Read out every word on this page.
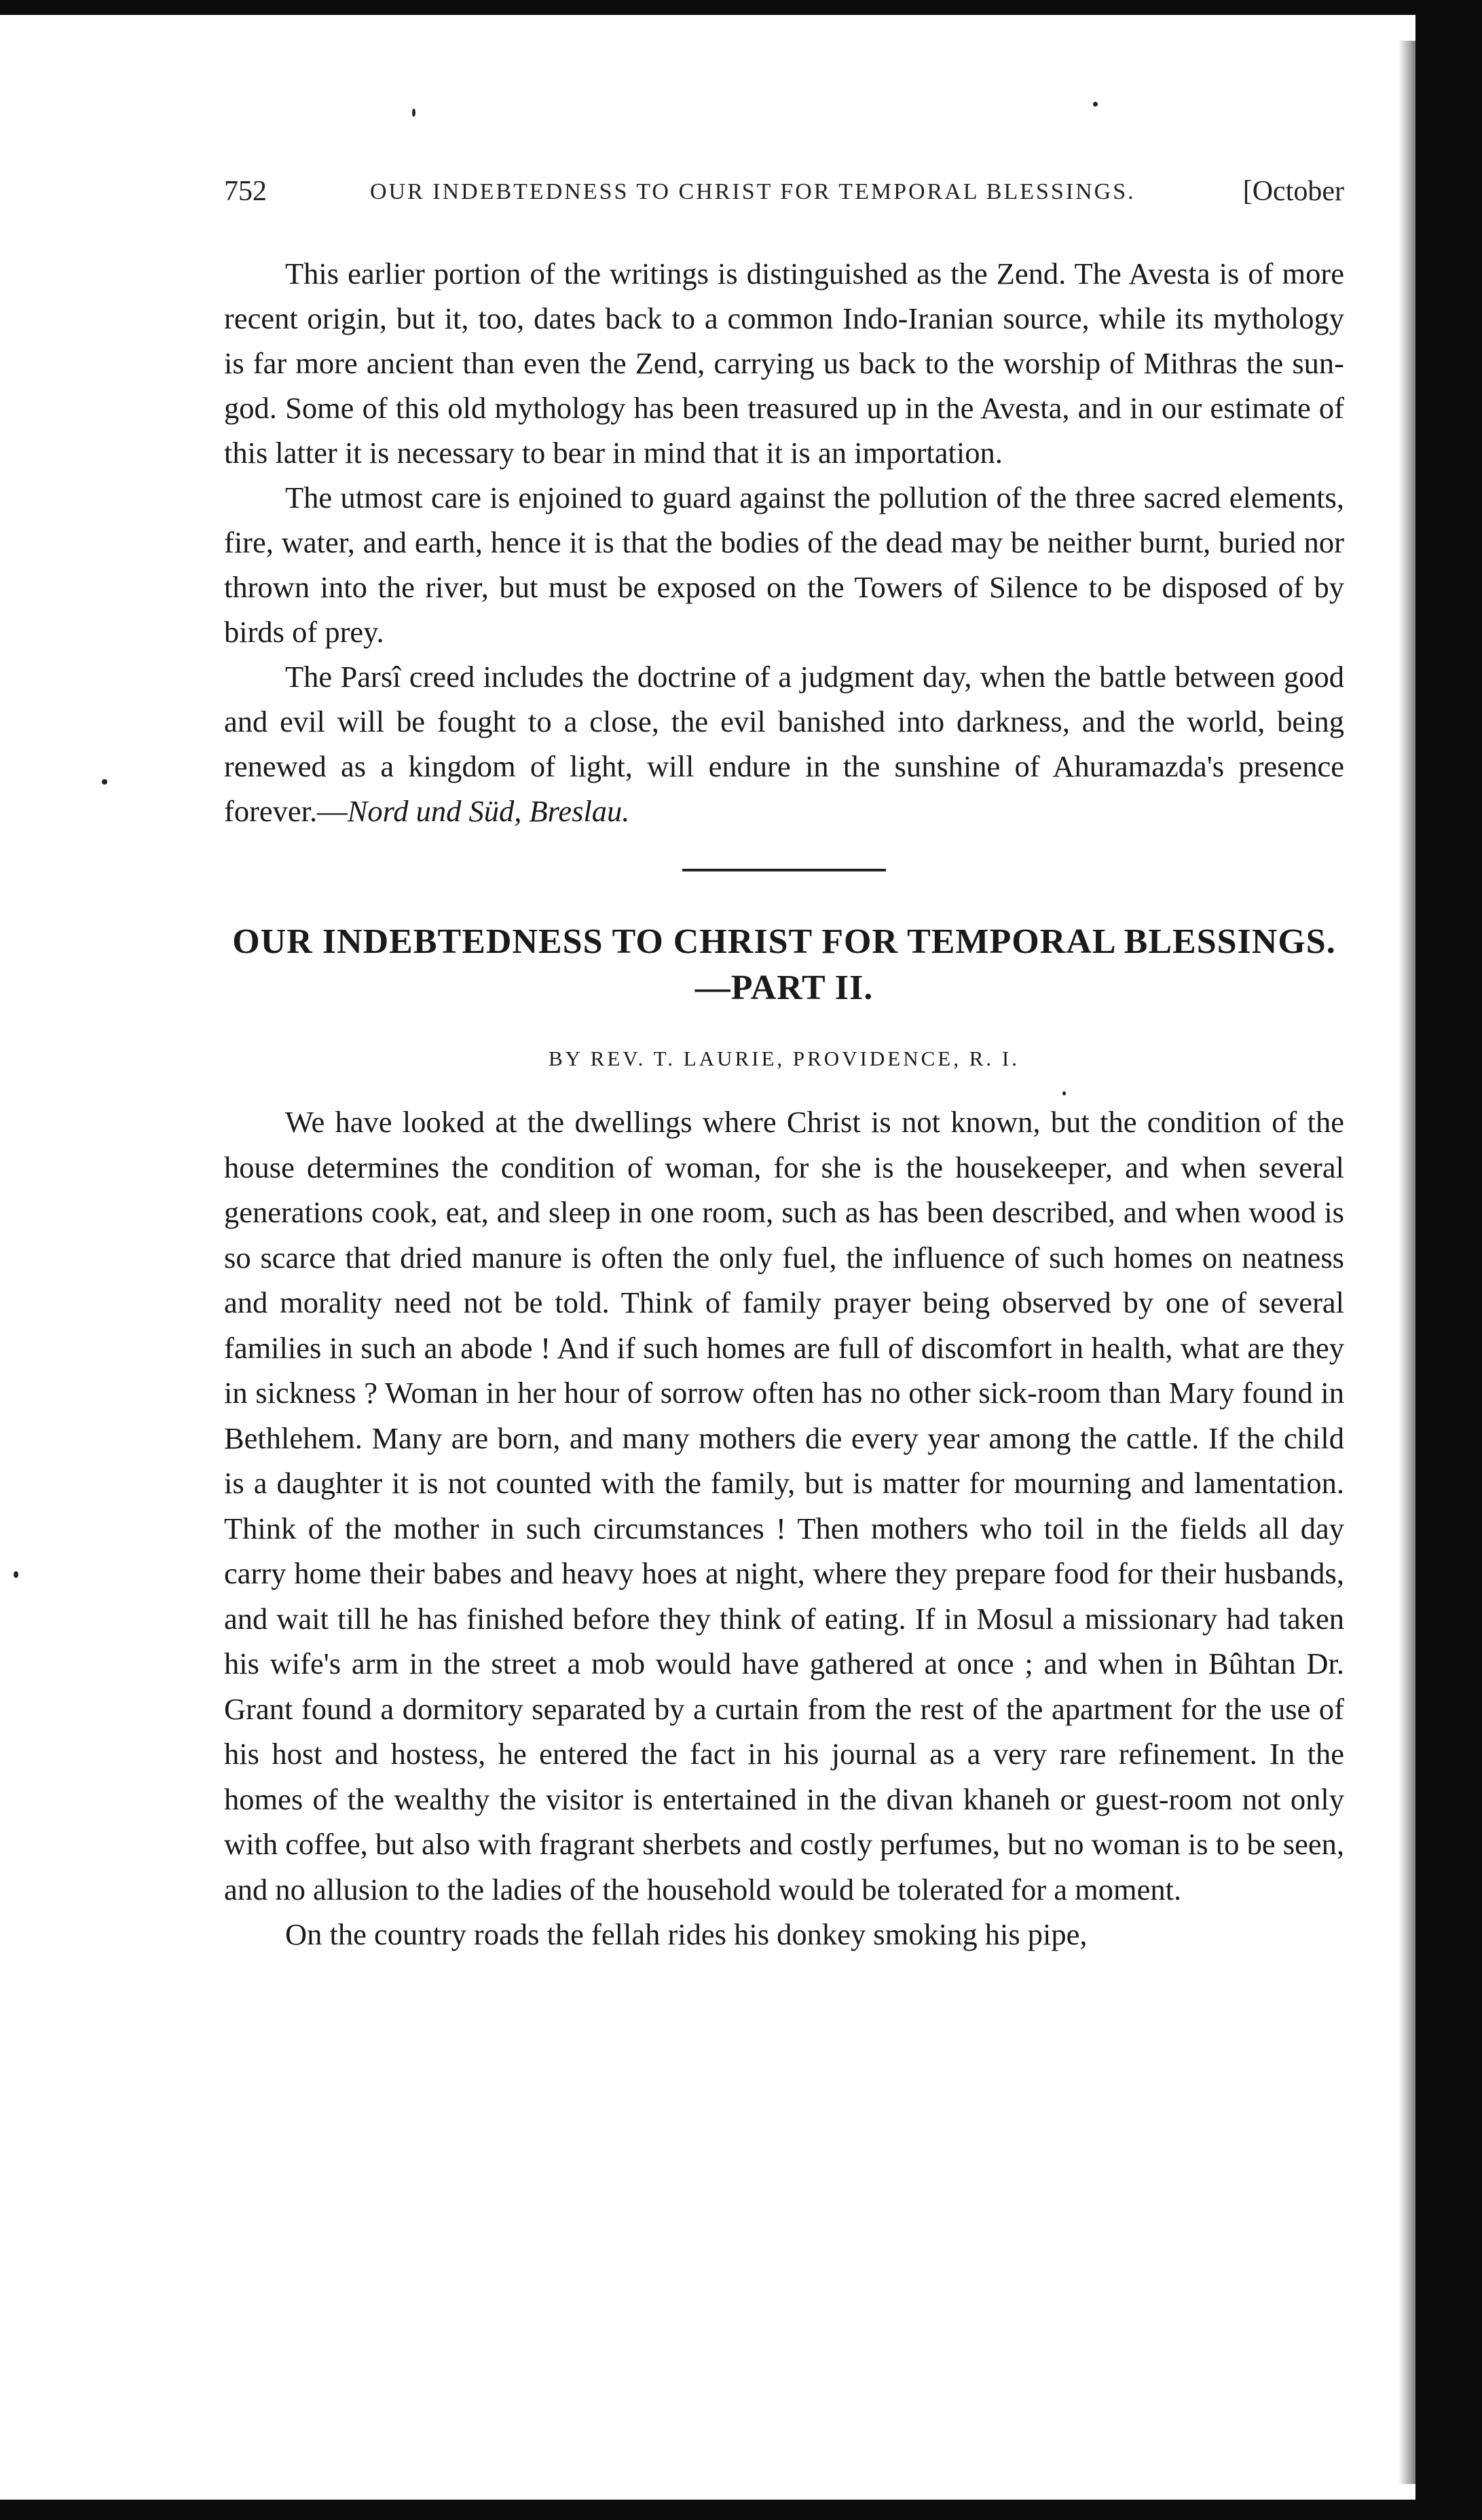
752	OUR INDEBTEDNESS TO CHRIST FOR TEMPORAL BLESSINGS.	[October

This earlier portion of the writings is distinguished as the Zend. The Avesta is of more recent origin, but it, too, dates back to a common Indo-Iranian source, while its mythology is far more ancient than even the Zend, carrying us back to the worship of Mithras the sun-god. Some of this old mythology has been treasured up in the Avesta, and in our estimate of this latter it is necessary to bear in mind that it is an importation.

The utmost care is enjoined to guard against the pollution of the three sacred elements, fire, water, and earth, hence it is that the bodies of the dead may be neither burnt, buried nor thrown into the river, but must be exposed on the Towers of Silence to be disposed of by birds of prey.

The Parsî creed includes the doctrine of a judgment day, when the battle between good and evil will be fought to a close, the evil banished into darkness, and the world, being renewed as a kingdom of light, will endure in the sunshine of Ahuramazda's presence forever.—Nord und Süd, Breslau.

OUR INDEBTEDNESS TO CHRIST FOR TEMPORAL BLESSINGS.—PART II.
BY REV. T. LAURIE, PROVIDENCE, R. I.

We have looked at the dwellings where Christ is not known, but the condition of the house determines the condition of woman, for she is the housekeeper, and when several generations cook, eat, and sleep in one room, such as has been described, and when wood is so scarce that dried manure is often the only fuel, the influence of such homes on neatness and morality need not be told. Think of family prayer being observed by one of several families in such an abode ! And if such homes are full of discomfort in health, what are they in sickness ? Woman in her hour of sorrow often has no other sick-room than Mary found in Bethlehem. Many are born, and many mothers die every year among the cattle. If the child is a daughter it is not counted with the family, but is matter for mourning and lamentation. Think of the mother in such circumstances ! Then mothers who toil in the fields all day carry home their babes and heavy hoes at night, where they prepare food for their husbands, and wait till he has finished before they think of eating. If in Mosul a missionary had taken his wife's arm in the street a mob would have gathered at once ; and when in Bûhtan Dr. Grant found a dormitory separated by a curtain from the rest of the apartment for the use of his host and hostess, he entered the fact in his journal as a very rare refinement. In the homes of the wealthy the visitor is entertained in the divan khaneh or guest-room not only with coffee, but also with fragrant sherbets and costly perfumes, but no woman is to be seen, and no allusion to the ladies of the household would be tolerated for a moment.

On the country roads the fellah rides his donkey smoking his pipe,
